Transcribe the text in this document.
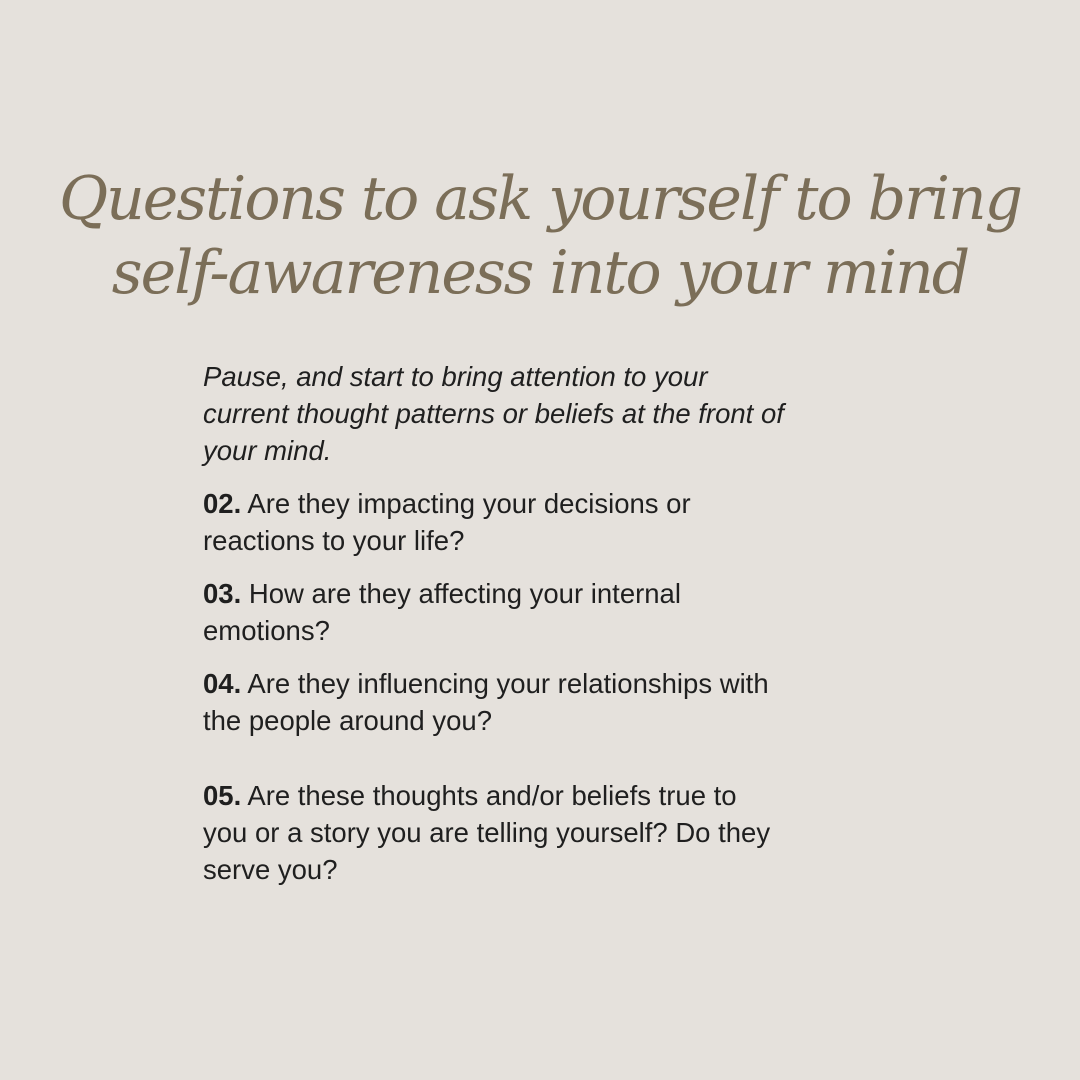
Questions to ask yourself to bring
self-awareness into your mind
Pause, and start to bring attention to your
current thought patterns or beliefs at the front of
your mind.
02. Are they impacting your decisions or
reactions to your life?
03. How are they affecting your internal
emotions?
04. Are they influencing your relationships with
the people around you?
05. Are these thoughts and/or beliefs true to
you or a story you are telling yourself? Do they
serve you?
